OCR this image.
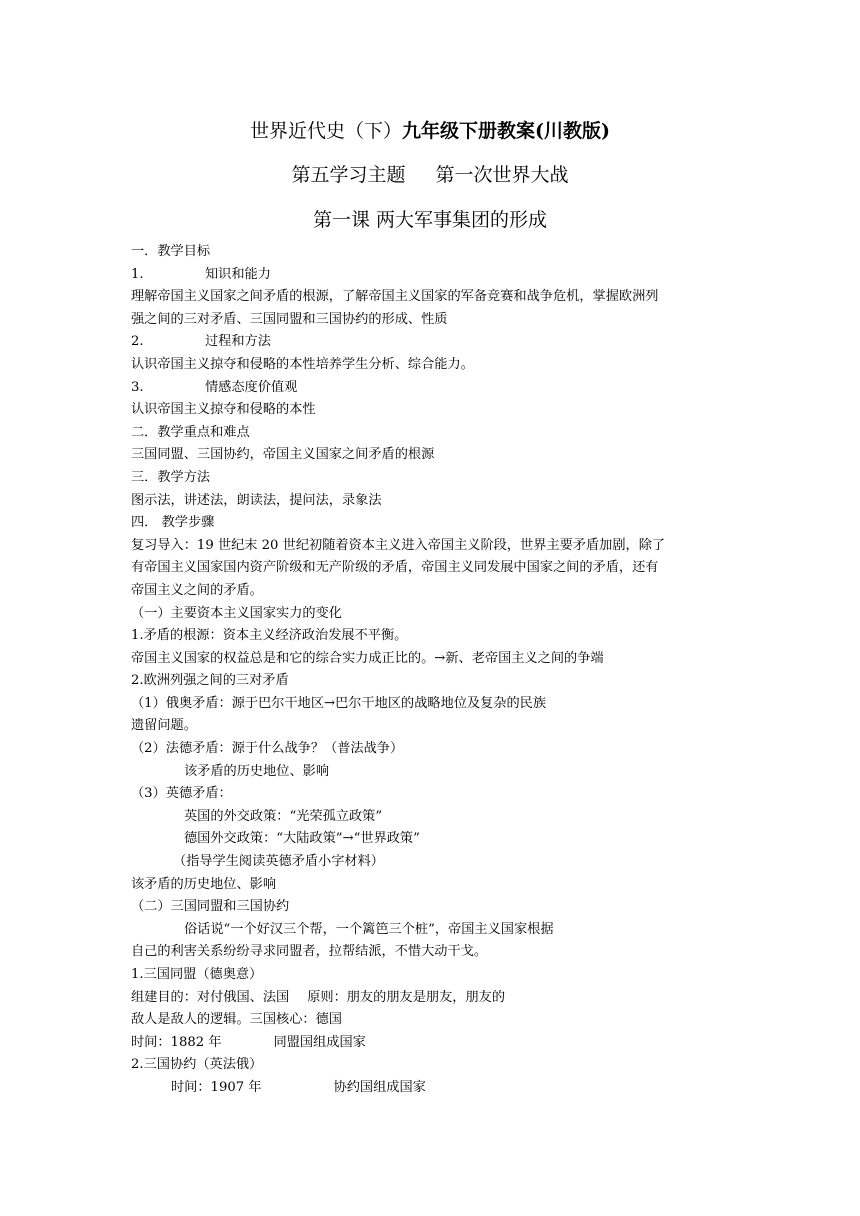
世界近代史（下）九年级下册教案(川教版)
第五学习主题 第一次世界大战
第一课 两大军事集团的形成
一．教学目标
1.	知识和能力
理解帝国主义国家之间矛盾的根源，了解帝国主义国家的军备竞赛和战争危机，掌握欧洲列
强之间的三对矛盾、三国同盟和三国协约的形成、性质
2.	过程和方法
认识帝国主义掠夺和侵略的本性培养学生分析、综合能力。
3.	情感态度价值观
认识帝国主义掠夺和侵略的本性
二．教学重点和难点
三国同盟、三国协约，帝国主义国家之间矛盾的根源
三．教学方法
图示法，讲述法，朗读法，提问法，录象法
四． 教学步骤
复习导入：19 世纪末 20 世纪初随着资本主义进入帝国主义阶段，世界主要矛盾加剧，除了
有帝国主义国家国内资产阶级和无产阶级的矛盾，帝国主义同发展中国家之间的矛盾，还有
帝国主义之间的矛盾。
（一）主要资本主义国家实力的变化
1.矛盾的根源：资本主义经济政治发展不平衡。
帝国主义国家的权益总是和它的综合实力成正比的。→新、老帝国主义之间的争端
2.欧洲列强之间的三对矛盾
（1）俄奥矛盾：源于巴尔干地区→巴尔干地区的战略地位及复杂的民族
遗留问题。
（2）法德矛盾：源于什么战争？（普法战争）
该矛盾的历史地位、影响
（3）英德矛盾：
英国的外交政策：“光荣孤立政策”
德国外交政策：“大陆政策”→“世界政策”
（指导学生阅读英德矛盾小字材料）
该矛盾的历史地位、影响
（二）三国同盟和三国协约
俗话说“一个好汉三个帮，一个篱笆三个桩”，帝国主义国家根据
自己的利害关系纷纷寻求同盟者，拉帮结派，不惜大动干戈。
1.三国同盟（德奥意）
组建目的：对付俄国、法国 原则：朋友的朋友是朋友，朋友的
敌人是敌人的逻辑。三国核心：德国
时间：1882 年	同盟国组成国家
2.三国协约（英法俄）
时间：1907 年	协约国组成国家
